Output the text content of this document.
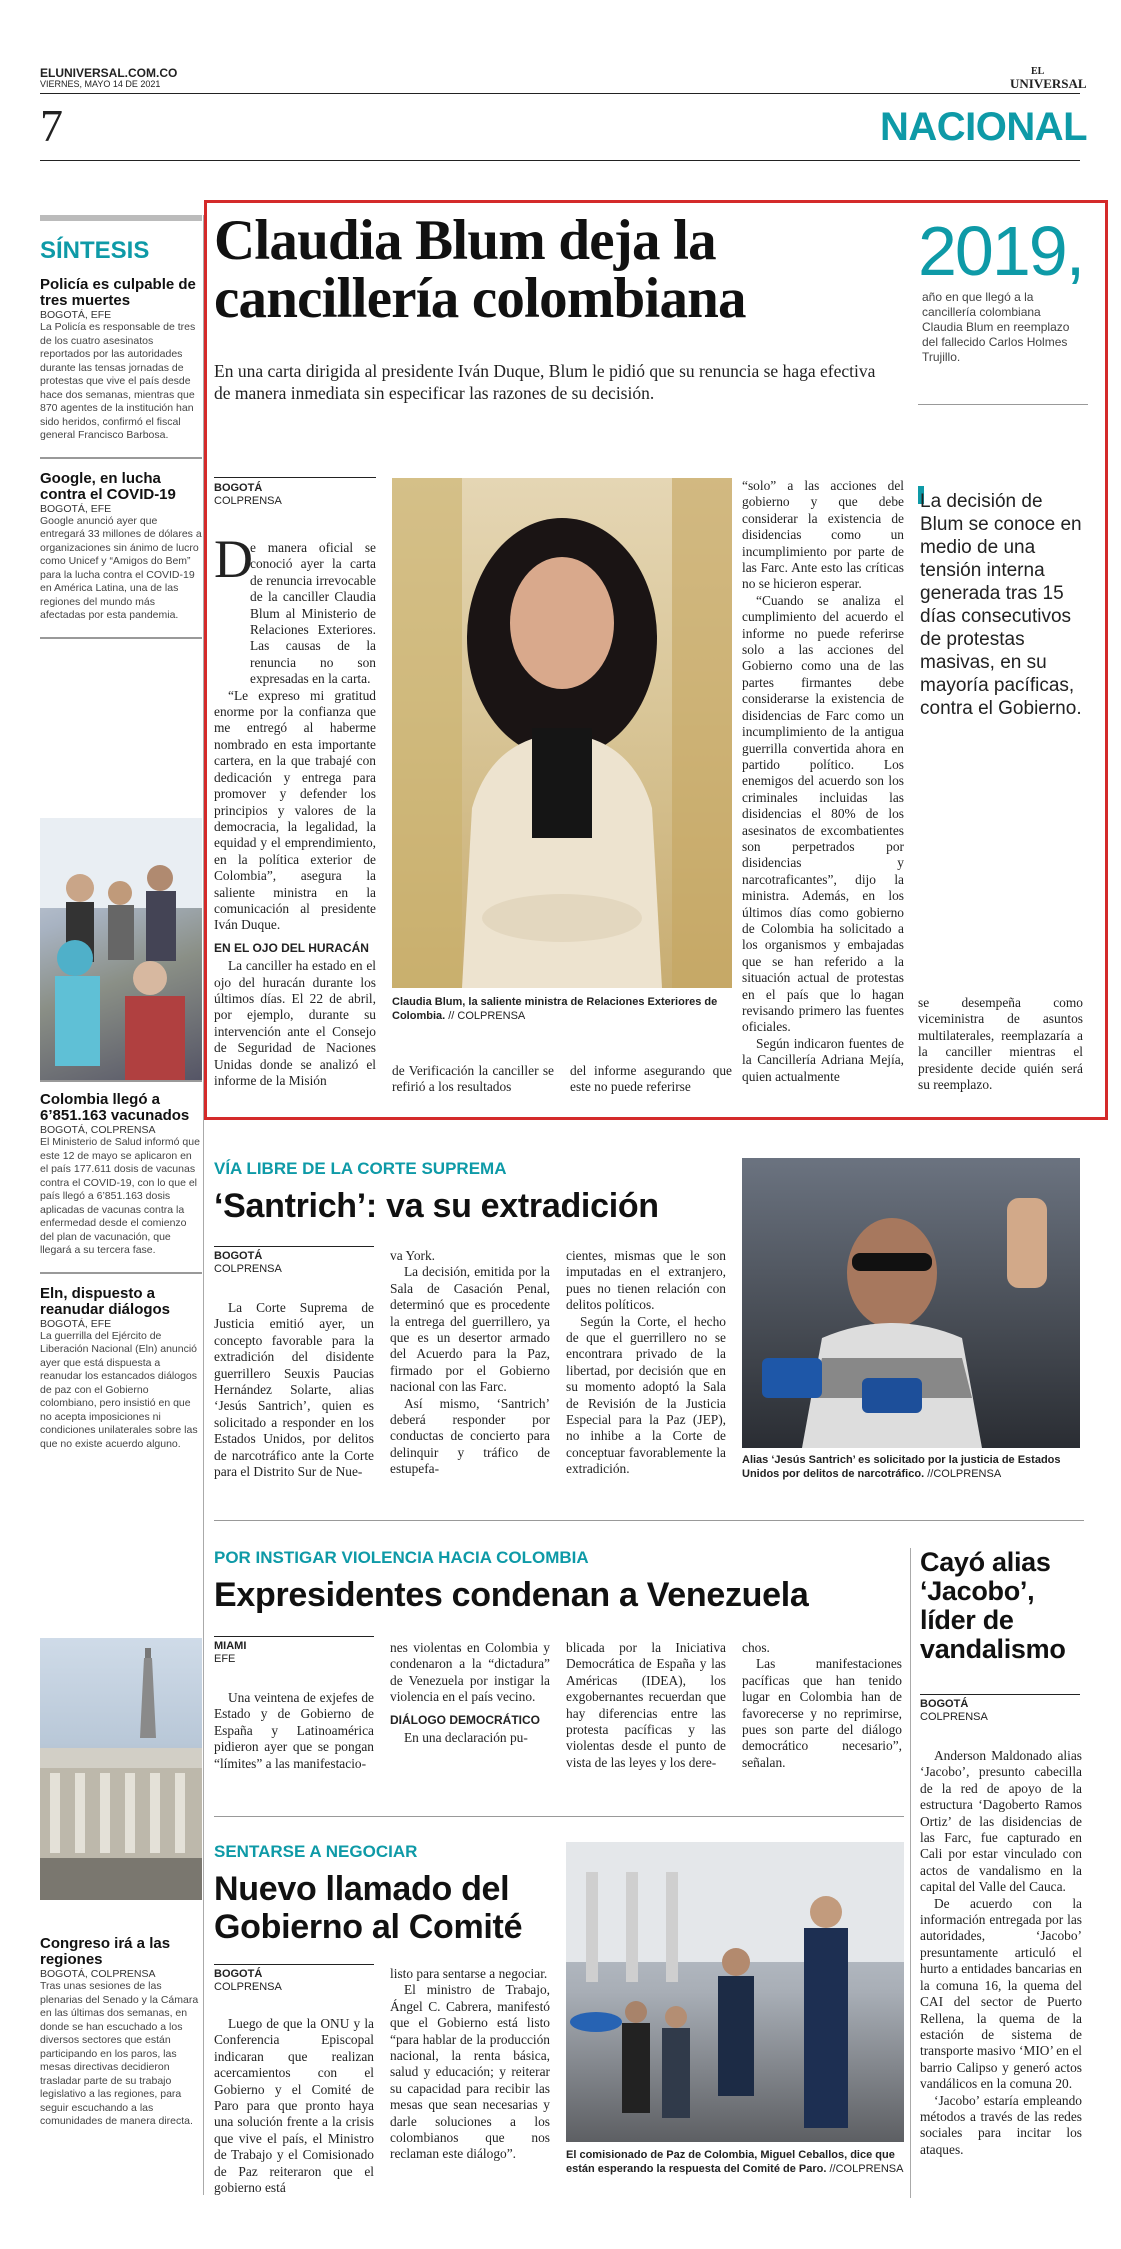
ELUNIVERSAL.COM.CO
VIERNES, MAYO 14 DE 2021
EL
UNIVERSAL
7	NACIONAL
SÍNTESIS
Policía es culpable de tres muertes
BOGOTÁ, EFE
La Policía es responsable de tres de los cuatro asesinatos reportados por las autoridades durante las tensas jornadas de protestas que vive el país desde hace dos semanas, mientras que 870 agentes de la institución han sido heridos, confirmó el fiscal general Francisco Barbosa.
Google, en lucha contra el COVID-19
BOGOTÁ, EFE
Google anunció ayer que entregará 33 millones de dólares a organizaciones sin ánimo de lucro como Unicef y “Amigos do Bem” para la lucha contra el COVID-19 en América Latina, una de las regiones del mundo más afectadas por esta pandemia.
Colombia llegó a 6’851.163 vacunados
BOGOTÁ, COLPRENSA
El Ministerio de Salud informó que este 12 de mayo se aplicaron en el país 177.611 dosis de vacunas contra el COVID-19, con lo que el país llegó a 6’851.163 dosis aplicadas de vacunas contra la enfermedad desde el comienzo del plan de vacunación, que llegará a su tercera fase.
Eln, dispuesto a reanudar diálogos
BOGOTÁ, EFE
La guerrilla del Ejército de Liberación Nacional (Eln) anunció ayer que está dispuesta a reanudar los estancados diálogos de paz con el Gobierno colombiano, pero insistió en que no acepta imposiciones ni condiciones unilaterales sobre las que no existe acuerdo alguno.
Congreso irá a las regiones
BOGOTÁ, COLPRENSA
Tras unas sesiones de las plenarias del Senado y la Cámara en las últimas dos semanas, en donde se han escuchado a los diversos sectores que están participando en los paros, las mesas directivas decidieron trasladar parte de su trabajo legislativo a las regiones, para seguir escuchando a las comunidades de manera directa.
Claudia Blum deja la cancillería colombiana
En una carta dirigida al presidente Iván Duque, Blum le pidió que su renuncia se haga efectiva de manera inmediata sin especificar las razones de su decisión.
2019,
año en que llegó a la cancillería colombiana Claudia Blum en reemplazo del fallecido Carlos Holmes Trujillo.
La decisión de Blum se conoce en medio de una tensión interna generada tras 15 días consecutivos de protestas masivas, en su mayoría pacíficas, contra el Gobierno.
BOGOTÁ
COLPRENSA
D

e manera oficial se conoció ayer la carta de renuncia irrevocable de la canciller Claudia Blum al Ministerio de Relaciones Exteriores. Las causas de la renuncia no son expresadas en la carta.

“Le expreso mi gratitud enorme por la confianza que me entregó al haberme nombrado en esta importante cartera, en la que trabajé con dedicación y entrega para promover y defender los principios y valores de la democracia, la legalidad, la equidad y el emprendimiento, en la política exterior de Colombia”, asegura la saliente ministra en la comunicación al presidente Iván Duque.

EN EL OJO DEL HURACÁN

La canciller ha estado en el ojo del huracán durante los últimos días. El 22 de abril, por ejemplo, durante su intervención ante el Consejo de Seguridad de Naciones Unidas donde se analizó el informe de la Misión

Claudia Blum, la saliente ministra de Relaciones Exteriores de Colombia. // COLPRENSA

de Verificación la canciller se refirió a los resultados

del informe asegurando que este no puede referirse

“solo” a las acciones del gobierno y que debe considerar la existencia de disidencias como un incumplimiento por parte de las Farc. Ante esto las críticas no se hicieron esperar.

“Cuando se analiza el cumplimiento del acuerdo el informe no puede referirse solo a las acciones del Gobierno como una de las partes firmantes debe considerarse la existencia de disidencias de Farc como un incumplimiento de la antigua guerrilla convertida ahora en partido político. Los enemigos del acuerdo son los criminales incluidas las disidencias el 80% de los asesinatos de excombatientes son perpetrados por disidencias y narcotraficantes”, dijo la ministra. Además, en los últimos días como gobierno de Colombia ha solicitado a los organismos y embajadas que se han referido a la situación actual de protestas en el país que lo hagan revisando primero las fuentes oficiales.

Según indicaron fuentes de la Cancillería Adriana Mejía, quien actualmente

se desempeña como viceministra de asuntos multilaterales, reemplazaría a la canciller mientras el presidente decide quién será su reemplazo.

VÍA LIBRE DE LA CORTE SUPREMA
‘Santrich’: va su extradición
BOGOTÁ
COLPRENSA

La Corte Suprema de Justicia emitió ayer, un concepto favorable para la extradición del disidente guerrillero Seuxis Paucias Hernández Solarte, alias ‘Jesús Santrich’, quien es solicitado a responder en los Estados Unidos, por delitos de narcotráfico ante la Corte para el Distrito Sur de Nue-

va York.

La decisión, emitida por la Sala de Casación Penal, determinó que es procedente la entrega del guerrillero, ya que es un desertor armado del Acuerdo para la Paz, firmado por el Gobierno nacional con las Farc.

Así mismo, ‘Santrich’ deberá responder por conductas de concierto para delinquir y tráfico de estupefa-

cientes, mismas que le son imputadas en el extranjero, pues no tienen relación con delitos políticos.

Según la Corte, el hecho de que el guerrillero no se encontrara privado de la libertad, por decisión que en su momento adoptó la Sala de Revisión de la Justicia Especial para la Paz (JEP), no inhibe a la Corte de conceptuar favorablemente la extradición.

Alias ‘Jesús Santrich’ es solicitado por la justicia de Estados Unidos por delitos de narcotráfico. //COLPRENSA
POR INSTIGAR VIOLENCIA HACIA COLOMBIA
Expresidentes condenan a Venezuela
MIAMI
EFE

Una veintena de exjefes de Estado y de Gobierno de España y Latinoamérica pidieron ayer que se pongan “límites” a las manifestacio-

nes violentas en Colombia y condenaron a la “dictadura” de Venezuela por instigar la violencia en el país vecino.

DIÁLOGO DEMOCRÁTICO

En una declaración pu-

blicada por la Iniciativa Democrática de España y las Américas (IDEA), los exgobernantes recuerdan que hay diferencias entre las protesta pacíficas y las violentas desde el punto de vista de las leyes y los dere-

chos.

Las manifestaciones pacíficas que han tenido lugar en Colombia han de favorecerse y no reprimirse, pues son parte del diálogo democrático necesario”, señalan.

SENTARSE A NEGOCIAR
Nuevo llamado del Gobierno al Comité
BOGOTÁ
COLPRENSA

Luego de que la ONU y la Conferencia Episcopal indicaran que realizan acercamientos con el Gobierno y el Comité de Paro para que pronto haya una solución frente a la crisis que vive el país, el Ministro de Trabajo y el Comisionado de Paz reiteraron que el gobierno está

listo para sentarse a negociar.

El ministro de Trabajo, Ángel C. Cabrera, manifestó que el Gobierno está listo “para hablar de la producción nacional, la renta básica, salud y educación; y reiterar su capacidad para recibir las mesas que sean necesarias y darle soluciones a los colombianos que nos reclaman este diálogo”.	El comisionado de Paz de Colombia, Miguel Ceballos, dice que están esperando la respuesta del Comité de Paro. //COLPRENSA
Cayó alias ‘Jacobo’, líder de vandalismo
BOGOTÁ
COLPRENSA

Anderson Maldonado alias ‘Jacobo’, presunto cabecilla de la red de apoyo de la estructura ‘Dagoberto Ramos Ortiz’ de las disidencias de las Farc, fue capturado en Cali por estar vinculado con actos de vandalismo en la capital del Valle del Cauca.

De acuerdo con la información entregada por las autoridades, ‘Jacobo’ presuntamente articuló el hurto a entidades bancarias en la comuna 16, la quema del CAI del sector de Puerto Rellena, la quema de la estación de sistema de transporte masivo ‘MIO’ en el barrio Calipso y generó actos vandálicos en la comuna 20.

‘Jacobo’ estaría empleando métodos a través de las redes sociales para incitar los ataques.
